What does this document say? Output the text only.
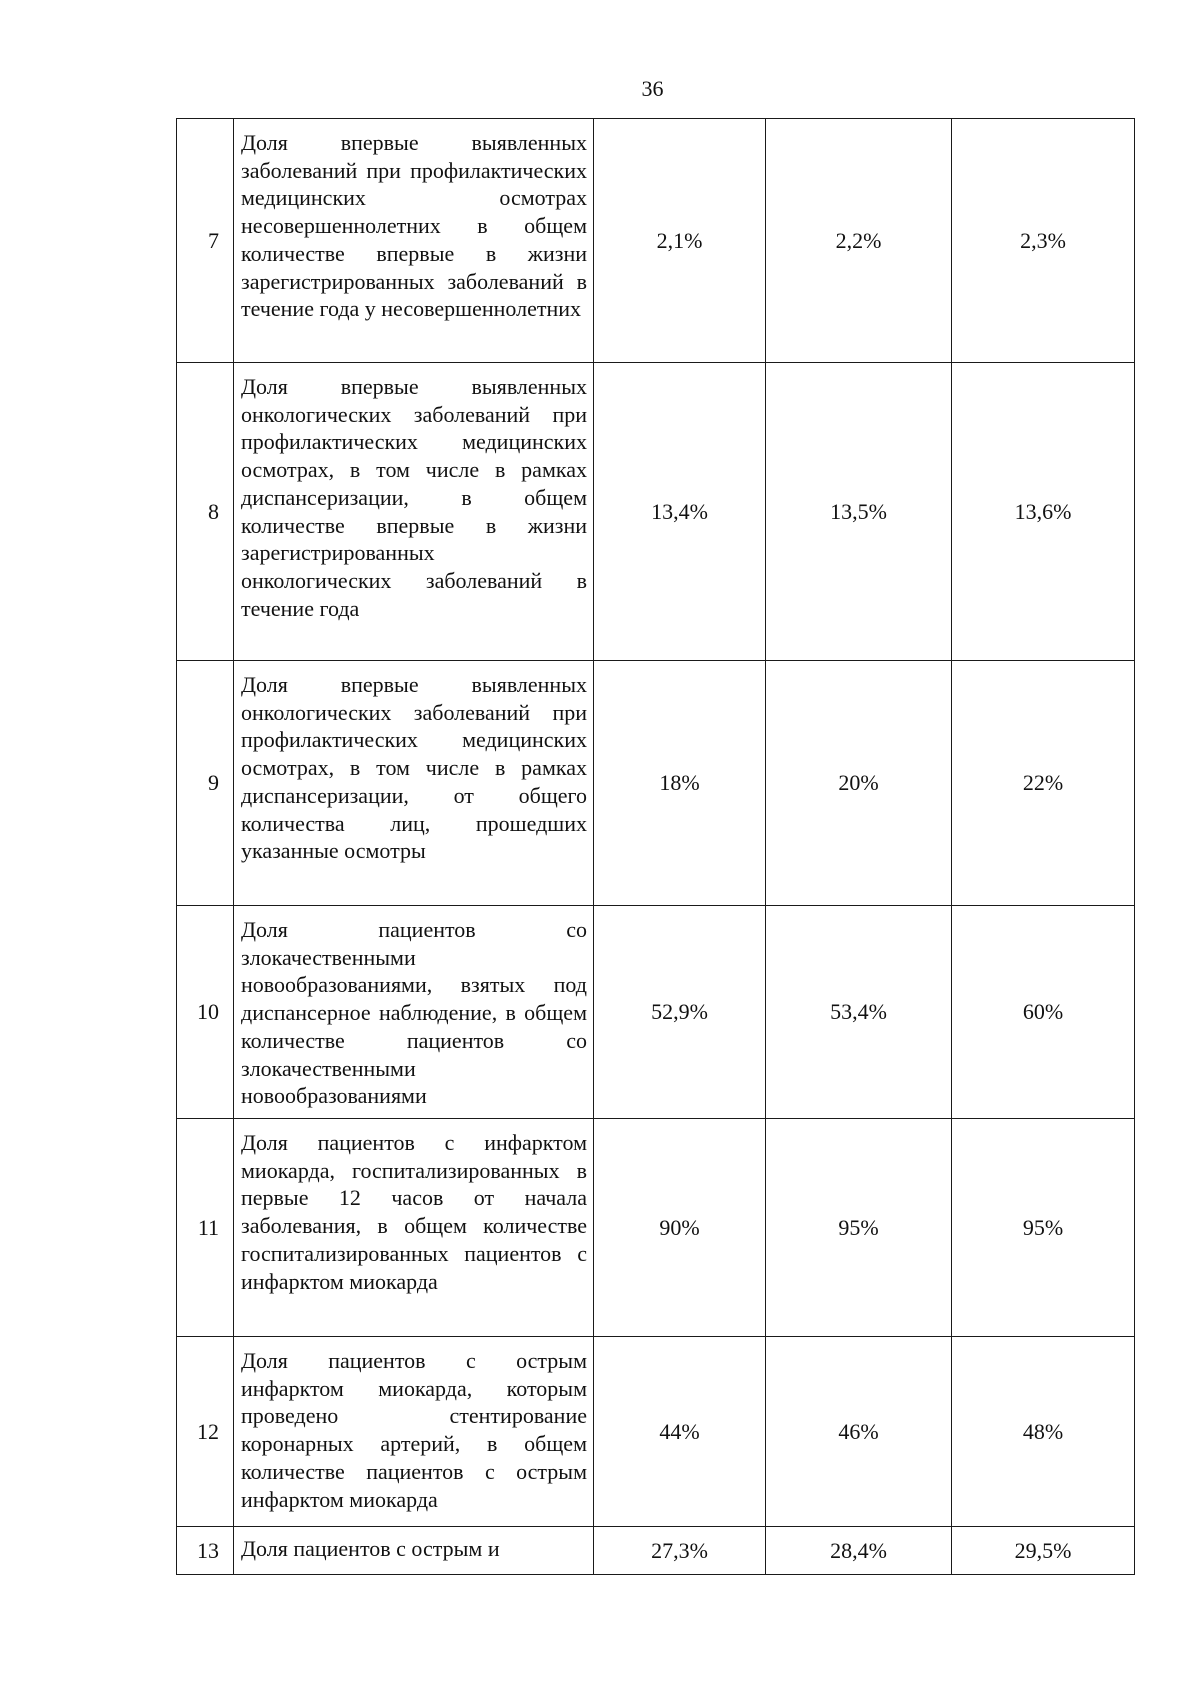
36
7	Доля впервые выявленных заболеваний при профилактических медицинских осмотрах несовершеннолетних в общем количестве впервые в жизни зарегистрированных заболеваний в течение года у несовершеннолетних	2,1%	2,2%	2,3%
8	Доля впервые выявленных онкологических заболеваний при профилактических медицинских осмотрах, в том числе в рамках диспансеризации, в общем количестве впервые в жизни зарегистрированных онкологических заболеваний в течение года	13,4%	13,5%	13,6%
9	Доля впервые выявленных онкологических заболеваний при профилактических медицинских осмотрах, в том числе в рамках диспансеризации, от общего количества лиц, прошедших указанные осмотры	18%	20%	22%
10	Доля пациентов со злокачественными новообразованиями, взятых под диспансерное наблюдение, в общем количестве пациентов со злокачественными новообразованиями	52,9%	53,4%	60%
11	Доля пациентов с инфарктом миокарда, госпитализированных в первые 12 часов от начала заболевания, в общем количестве госпитализированных пациентов с инфарктом миокарда	90%	95%	95%
12	Доля пациентов с острым инфарктом миокарда, которым проведено стентирование коронарных артерий, в общем количестве пациентов с острым инфарктом миокарда	44%	46%	48%
13	Доля пациентов с острым и	27,3%	28,4%	29,5%
